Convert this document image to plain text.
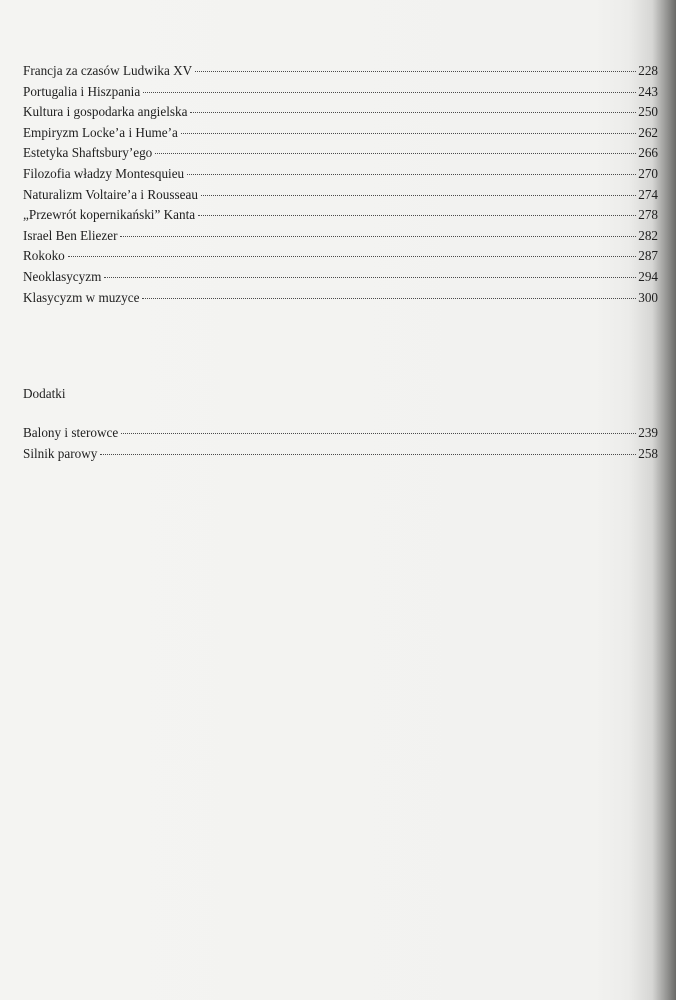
Francja za czasów Ludwika XV	228
Portugalia i Hiszpania	243
Kultura i gospodarka angielska	250
Empiryzm Locke’a i Hume’a	262
Estetyka Shaftsbury’ego	266
Filozofia władzy Montesquieu	270
Naturalizm Voltaire’a i Rousseau	274
„Przewrót kopernikański” Kanta	278
Israel Ben Eliezer	282
Rokoko	287
Neoklasycyzm	294
Klasycyzm w muzyce	300
Dodatki
Balony i sterowce	239
Silnik parowy	258
